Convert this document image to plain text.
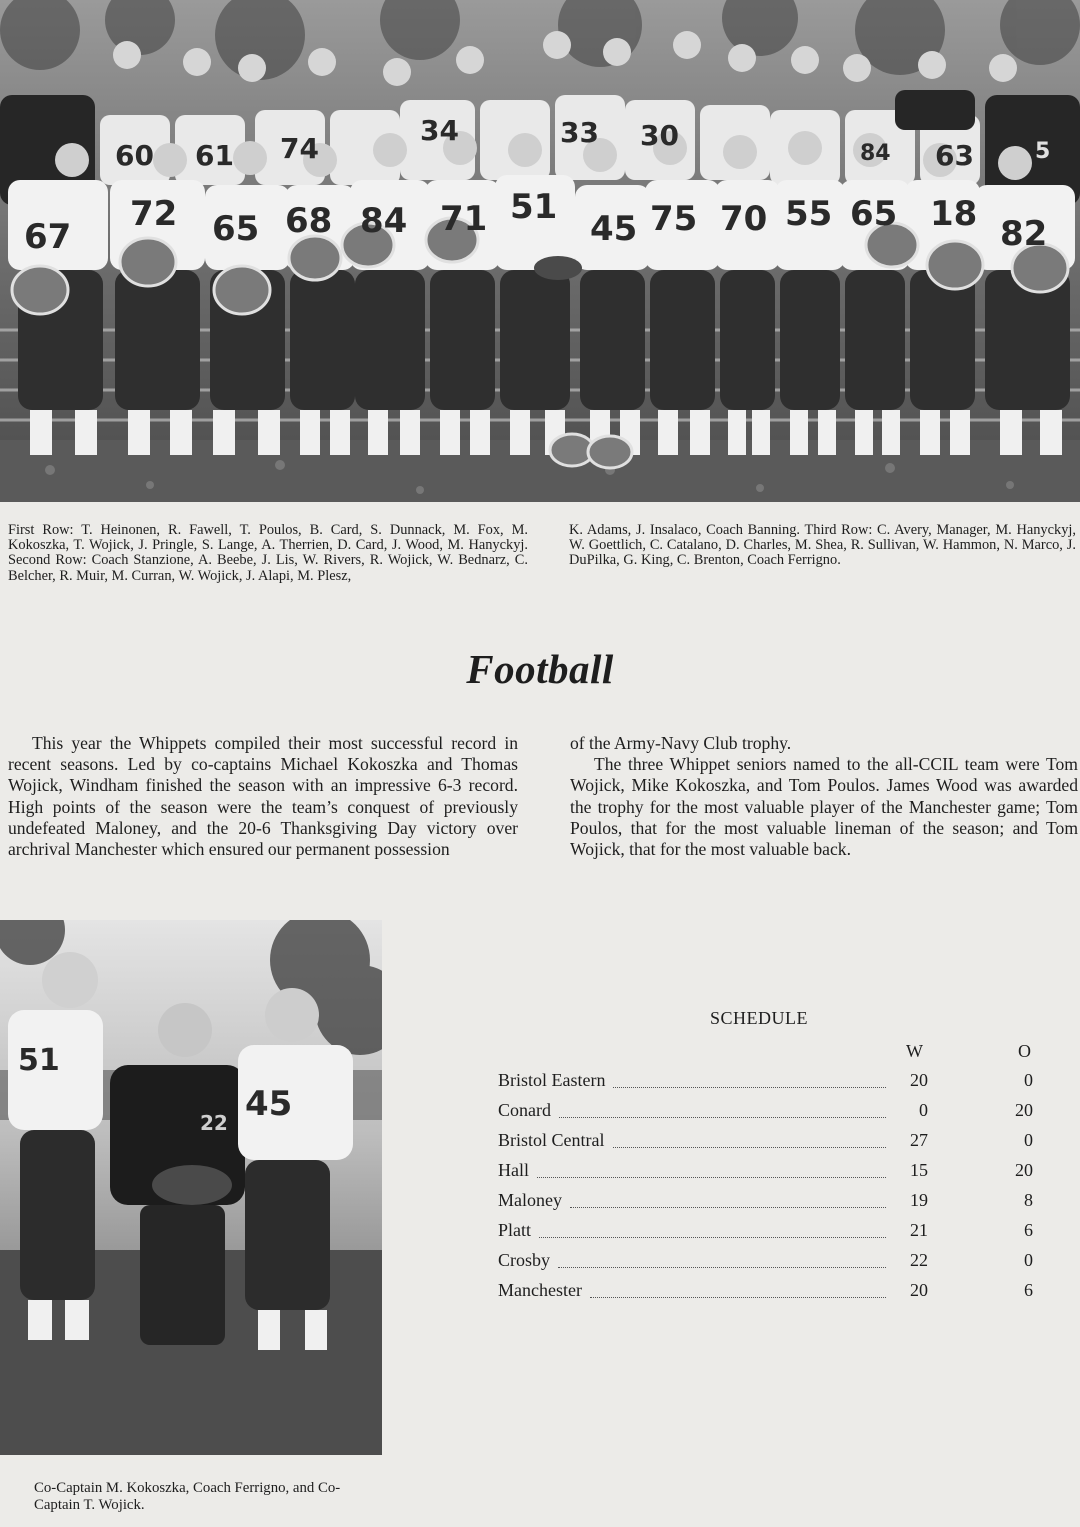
67
72 65 68 84 71 51
45 75 70 55 65 18 82
60 61 74
34	33 30
63
84	5

First Row: T. Heinonen, R. Fawell, T. Poulos, B. Card, S. Dunnack, M. Fox, M. Kokoszka, T. Wojick, J. Pringle, S. Lange, A. Therrien, D. Card, J. Wood, M. Hanyckyj. Second Row: Coach Stanzione, A. Beebe, J. Lis, W. Rivers, R. Wojick, W. Bednarz, C. Belcher, R. Muir, M. Curran, W. Wojick, J. Alapi, M. Plesz,

K. Adams, J. Insalaco, Coach Banning. Third Row: C. Avery, Manager, M. Hanyckyj, W. Goettlich, C. Catalano, D. Charles, M. Shea, R. Sullivan, W. Hammon, N. Marco, J. DuPilka, G. King, C. Brenton, Coach Ferrigno.

Football

This year the Whippets compiled their most successful record in recent seasons. Led by co-captains Michael Kokoszka and Thomas Wojick, Windham finished the season with an impressive 6-3 record. High points of the season were the team’s conquest of previously undefeated Maloney, and the 20-6 Thanksgiving Day victory over archrival Manchester which ensured our permanent possession

of the Army-Navy Club trophy.

The three Whippet seniors named to the all-CCIL team were Tom Wojick, Mike Kokoszka, and Tom Poulos. James Wood was awarded the trophy for the most valuable player of the Manchester game; Tom Poulos, that for the most valuable lineman of the season; and Tom Wojick, that for the most valuable back.

51
22 45

Co-Captain M. Kokoszka, Coach Ferrigno, and Co-Captain T. Wojick.

SCHEDULE
W	O
Bristol Eastern	20	0
Conard	0	20
Bristol Central	27	0
Hall	15	20
Maloney	19	8
Platt	21	6
Crosby	22	0
Manchester	20	6
